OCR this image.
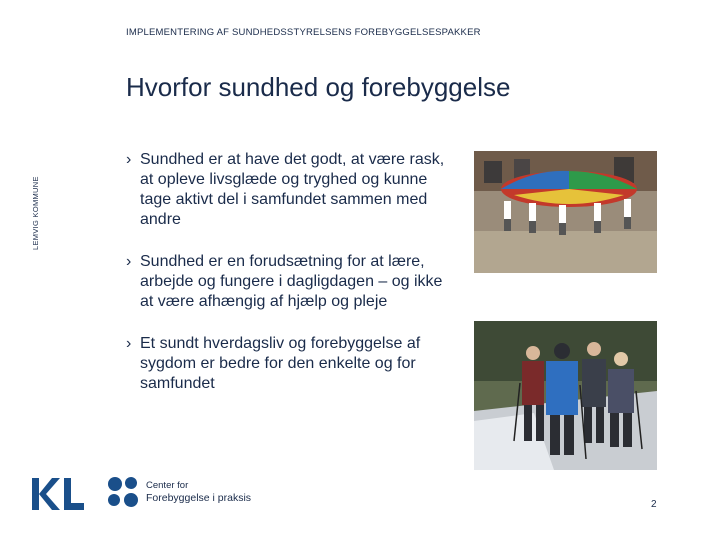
IMPLEMENTERING AF SUNDHEDSSTYRELSENS FOREBYGGELSESPAKKER
LEMVIG KOMMUNE
Hvorfor sundhed og forebyggelse
› Sundhed er at have det godt, at være rask, at opleve livsglæde og tryghed og kunne tage aktivt del i samfundet sammen med andre
› Sundhed er en forudsætning for at lære, arbejde og fungere i dagligdagen – og ikke at være afhængig af hjælp og pleje
› Et sundt hverdagsliv og forebyggelse af sygdom er bedre for den enkelte og for samfundet
Center for
Forebyggelse i praksis
2
